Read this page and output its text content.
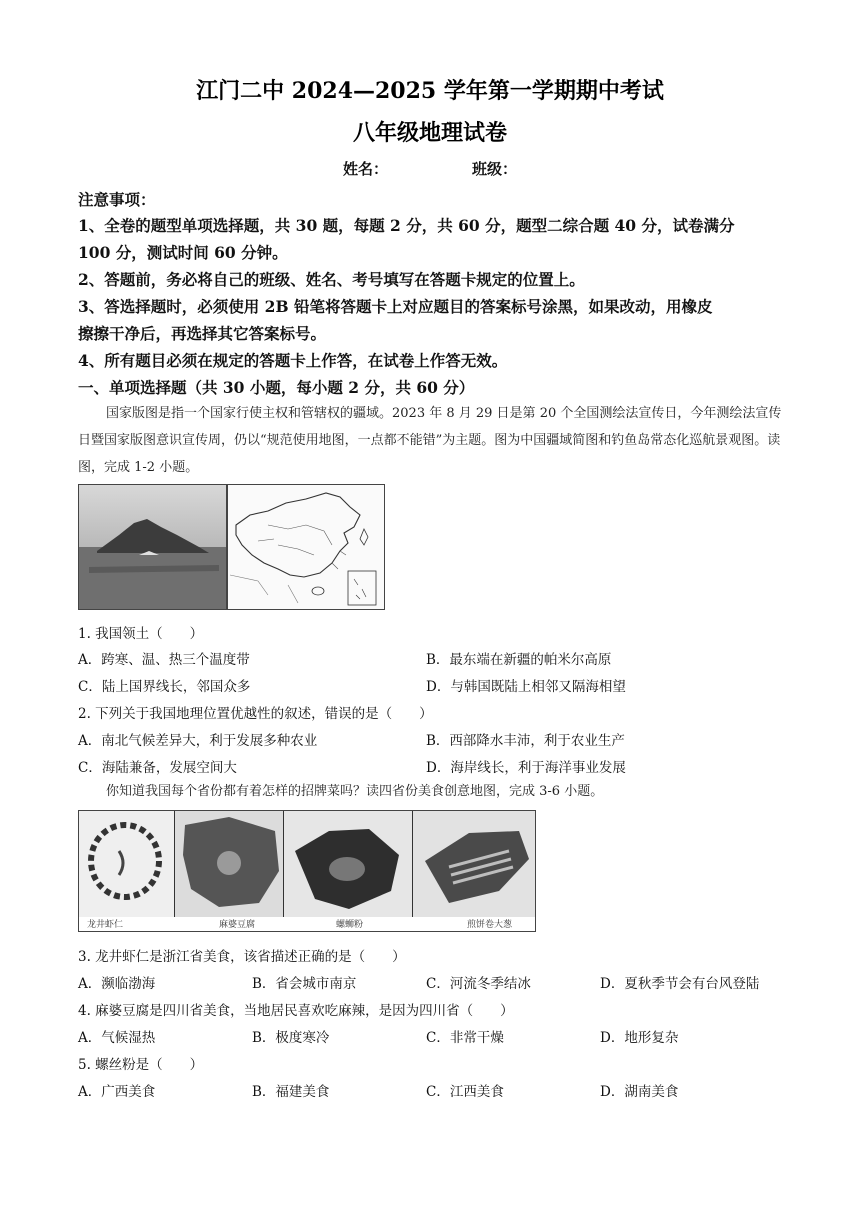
江门二中 2024—2025 学年第一学期期中考试
八年级地理试卷
姓名：	班级：
注意事项：
1、全卷的题型单项选择题，共 30 题，每题 2 分，共 60 分，题型二综合题 40 分，试卷满分
100 分，测试时间 60 分钟。
2、答题前，务必将自己的班级、姓名、考号填写在答题卡规定的位置上。
3、答选择题时，必须使用 2B 铅笔将答题卡上对应题目的答案标号涂黑，如果改动，用橡皮
擦擦干净后，再选择其它答案标号。
4、所有题目必须在规定的答题卡上作答，在试卷上作答无效。
一、单项选择题（共 30 小题，每小题 2 分，共 60 分）
国家版图是指一个国家行使主权和管辖权的疆域。2023 年 8 月 29 日是第 20 个全国测绘法宣传日，今年测绘法宣传日暨国家版图意识宣传周，仍以“规范使用地图，一点都不能错”为主题。图为中国疆域简图和钓鱼岛常态化巡航景观图。读图，完成 1-2 小题。
1. 我国领土（　　）
A．跨寒、温、热三个温度带	B．最东端在新疆的帕米尔高原
C．陆上国界线长，邻国众多	D．与韩国既陆上相邻又隔海相望
2. 下列关于我国地理位置优越性的叙述，错误的是（　　）
A．南北气候差异大，利于发展多种农业	B．西部降水丰沛，利于农业生产
C．海陆兼备，发展空间大	D．海岸线长，利于海洋事业发展
你知道我国每个省份都有着怎样的招牌菜吗？读四省份美食创意地图，完成 3-6 小题。
龙井虾仁	麻婆豆腐	螺蛳粉	煎饼卷大葱
3. 龙井虾仁是浙江省美食，该省描述正确的是（　　）
A．濒临渤海	B．省会城市南京	C．河流冬季结冰	D．夏秋季节会有台风登陆
4. 麻婆豆腐是四川省美食，当地居民喜欢吃麻辣，是因为四川省（　　）
A．气候湿热	B．极度寒冷	C．非常干燥	D．地形复杂
5. 螺丝粉是（　　）
A．广西美食	B．福建美食	C．江西美食	D．湖南美食
